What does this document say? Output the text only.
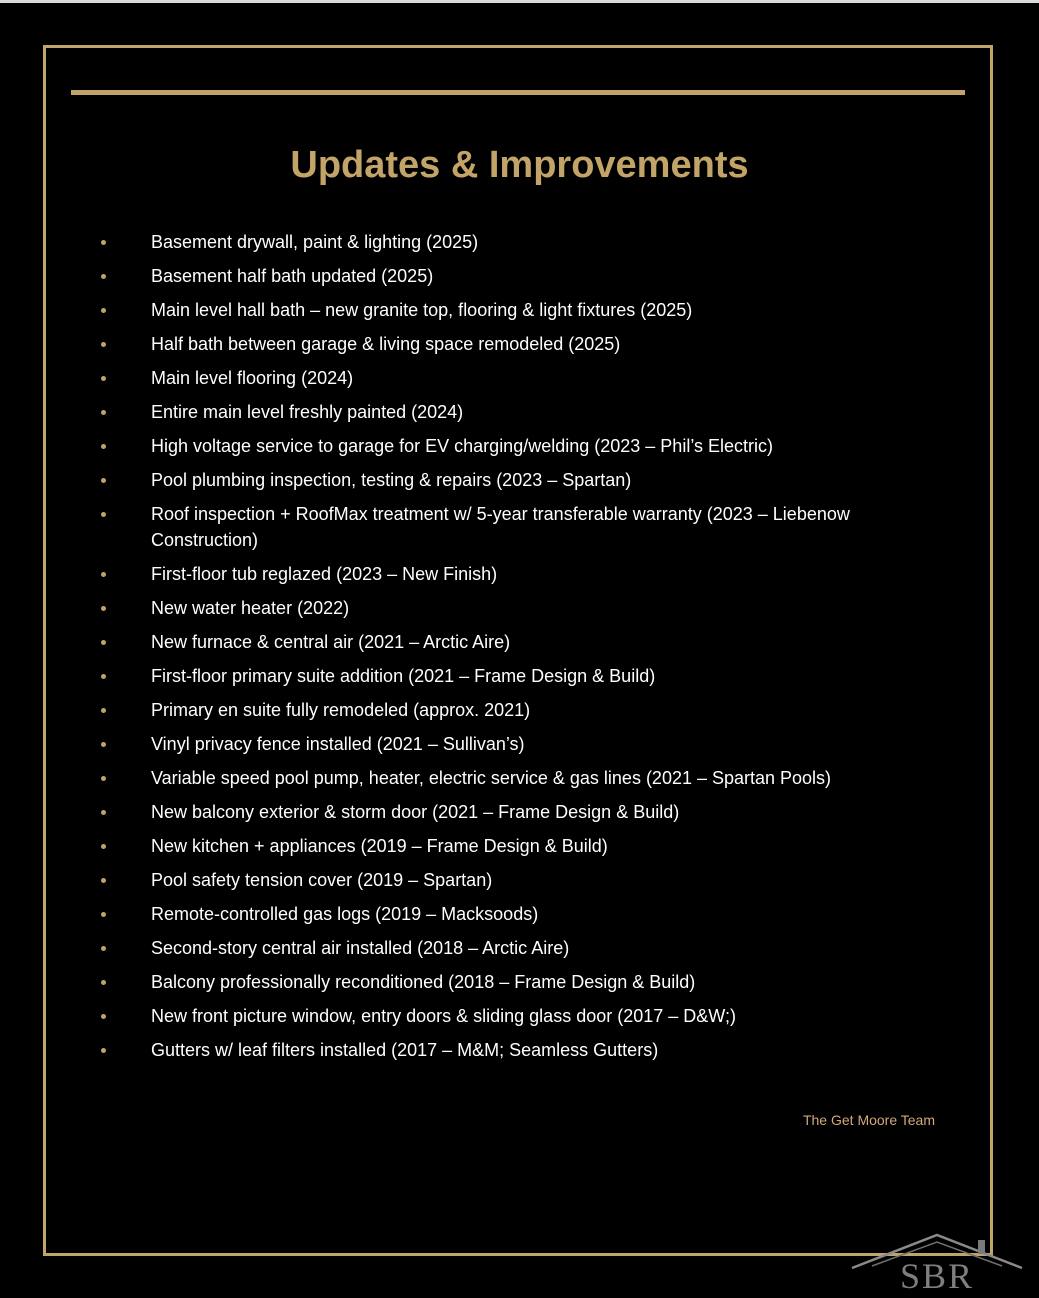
Updates & Improvements
Basement drywall, paint & lighting (2025)
Basement half bath updated (2025)
Main level hall bath – new granite top, flooring & light fixtures (2025)
Half bath between garage & living space remodeled (2025)
Main level flooring (2024)
Entire main level freshly painted (2024)
High voltage service to garage for EV charging/welding (2023 – Phil’s Electric)
Pool plumbing inspection, testing & repairs (2023 – Spartan)
Roof inspection + RoofMax treatment w/ 5-year transferable warranty (2023 – Liebenow Construction)
First-floor tub reglazed (2023 – New Finish)
New water heater (2022)
New furnace & central air (2021 – Arctic Aire)
First-floor primary suite addition (2021 – Frame Design & Build)
Primary en suite fully remodeled (approx. 2021)
Vinyl privacy fence installed (2021 – Sullivan’s)
Variable speed pool pump, heater, electric service & gas lines (2021 – Spartan Pools)
New balcony exterior & storm door (2021 – Frame Design & Build)
New kitchen + appliances (2019 – Frame Design & Build)
Pool safety tension cover (2019 – Spartan)
Remote-controlled gas logs (2019 – Macksoods)
Second-story central air installed (2018 – Arctic Aire)
Balcony professionally reconditioned (2018 – Frame Design & Build)
New front picture window, entry doors & sliding glass door (2017 – D&W;)
Gutters w/ leaf filters installed (2017 – M&M; Seamless Gutters)
The Get Moore Team
SBR
